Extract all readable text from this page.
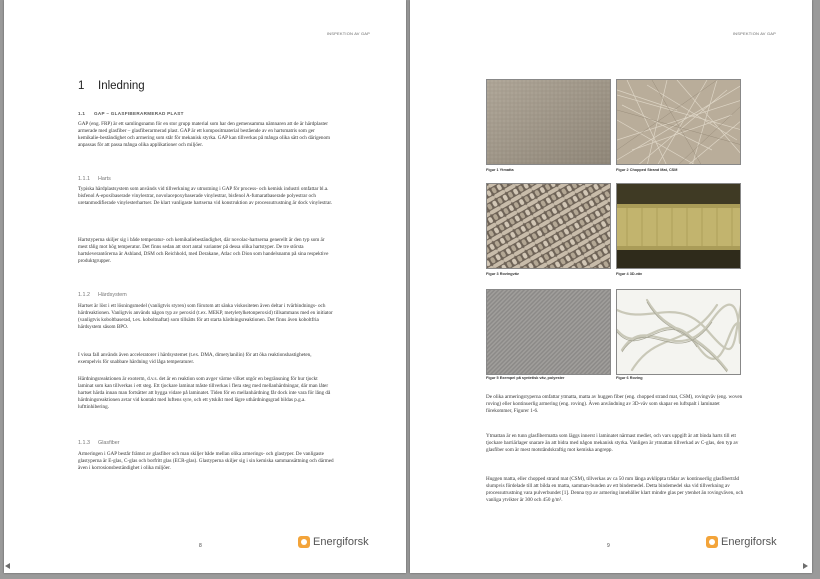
INSPEKTION AV GAP
1 Inledning
1.1 GAP – GLASFIBERARMERAD PLAST
GAP (eng. FRP) är ett samlingsnamn för en stor grupp material som har den gemensamma nämnaren att de är härdplaster armerade med glasfiber – glasfiberarmerad plast. GAP är ett kompositmaterial bestående av en hartsmatris som ger kemikalie-beständighet och armering som står för mekanisk styrka. GAP kan tillverkas på många olika sätt och därigenom anpassas för att passa många olika applikationer och miljöer.
1.1.1 Harts
Typiska härdplastsystem som används vid tillverkning av utrustning i GAP för process- och kemisk industri omfattar bl.a. bisfenol A-epoxibaserade vinylestrar, novolacepoxybaserade vinylestrar, bisfenol A-fumaratbaserade polyestrar och uretanmodifierade vinylesterhartser. De klart vanligaste hartserna vid konstruktion av processutrustning är dock vinylestrar.
Hartstyperna skiljer sig i både temperatur- och kemikaliebeständighet, där novolac-hartserna generellt är den typ som är mest tålig mot hög temperatur. Det finns sedan att stort antal varianter på dessa olika hartstyper. De tre största hartsleverantörerna är Ashland, DSM och Reichhold, med Derakane, Atlac och Dion som handelsnamn på sina respektive produktgrupper.
1.1.2 Härdsystem
Hartset är löst i ett lösningsmedel (vanligtvis styren) som förutom att sänka viskositeten även deltar i tvärbindnings- och härdreaktionen. Vanligtvis används någon typ av peroxid (t.ex. MEKP, metyletylketonperoxid) tillsammans med en initiator (vanligtvis koboltbaserad, t.ex. koboltnaftat) som tillsätts för att starta härdningsreaktionen. Det finns även koboltfria härdsystem såsom BPO.
I vissa fall används även acceleratorer i härdsystemet (t.ex. DMA, dimetylanilin) för att öka reaktionshastigheten, exempelvis för snabbare härdning vid låga temperaturer.
Härdningsreaktionen är exoterm, d.v.s. det är en reaktion som avger värme vilket utgör en begränsning för hur tjockt laminat som kan tillverkas i ett steg. Ett tjockare laminat måste tillverkas i flera steg med mellanhärdningar, där man låter hartset härda innan man fortsätter att bygga vidare på laminatet. Tiden för en mellanhärdning får dock inte vara för lång då härdningsreaktionen avtar vid kontakt med luftens syre, och ett ytskikt med lägre uthärdningsgrad bildas p.g.a. lufttinhibering.
1.1.3 Glasfiber
Armeringen i GAP består främst av glasfiber och man skiljer både mellan olika armerings- och glastyper. De vanligaste glastyperna är E-glas, C-glas och borfritt glas (ECR-glas). Glastyperna skiljer sig i sin kemiska sammansättning och därmed även i korrosionsbeständighet i olika miljöer.
8	Energiforsk
INSPEKTION AV GAP
Figur 1 Ytmatta	Figur 2 Chopped Strand Mat, CSM
Figur 3 Rovingväv	Figur 4 3D-väv
Figur 5 Exempel på syntetisk väv, polyester	Figur 6 Roving
De olika armeringstyperna omfattar ytmatta, matta av huggen fiber (eng. chopped strand mat, CSM), rovingväv (eng. woven roving) eller kontinuerlig armering (eng. roving). Även användning av 3D-väv som skapar en luftspalt i laminatet förekommer, Figurer 1-6.
Ytmattan är en tunn glasfibermatta som läggs innerst i laminatet närmast mediet, och vars uppgift är att binda harts till ett tjockare barriärlager snarare än att bidra med någon mekanisk styrka. Vanligen är ytmattan tillverkad av C-glas, den typ av glasfiber som är mest motståndskraftig mot kemiska angrepp.
Huggen matta, eller chopped strand mat (CSM), tillverkas av ca 50 mm långa avklippta trådar av kontinuerlig glasfibertråd slumpvis fördelade till att bilda en matta, samman-bunden av ett bindemedel. Detta bindemedel ska vid tillverkning av processutrustning vara pulverbundet [1]. Denna typ av armering innehåller klart mindre glas per ytenhet än rovingväven, och vanliga ytvikter är 300 och 450 g/m².
9	Energiforsk
